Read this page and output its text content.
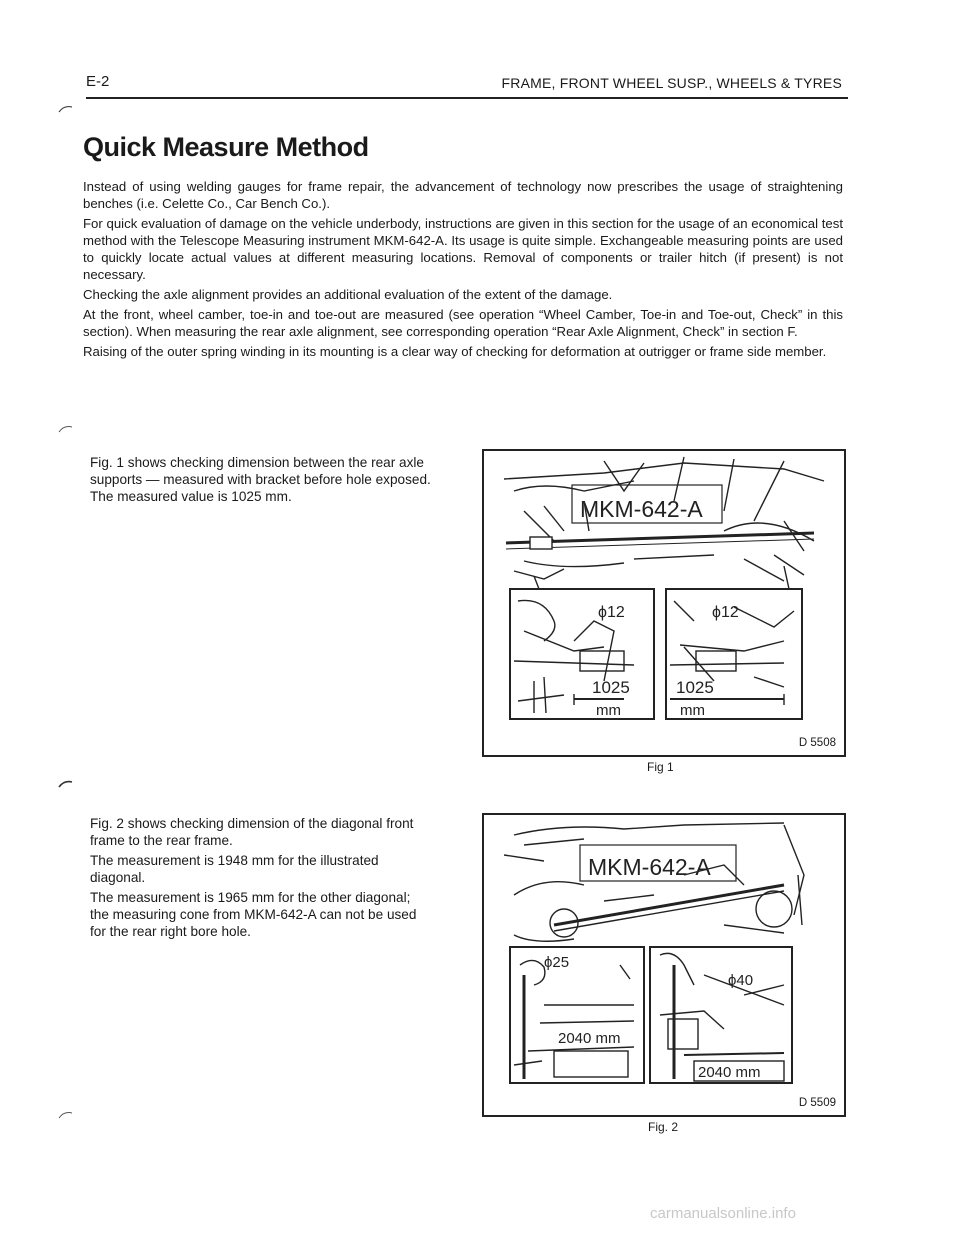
E-2	FRAME, FRONT WHEEL SUSP., WHEELS & TYRES
Quick Measure Method

Instead of using welding gauges for frame repair, the advancement of technology now prescribes the usage of straightening benches (i.e. Celette Co., Car Bench Co.).

For quick evaluation of damage on the vehicle underbody, instructions are given in this section for the usage of an economical test method with the Telescope Measuring instrument MKM-642-A. Its usage is quite simple. Exchangeable measuring points are used to quickly locate actual values at different measuring locations. Removal of components or trailer hitch (if present) is not necessary.

Checking the axle alignment provides an additional evaluation of the extent of the damage.

At the front, wheel camber, toe-in and toe-out are measured (see operation “Wheel Camber, Toe-in and Toe-out, Check” in this section). When measuring the rear axle alignment, see corresponding operation “Rear Axle Alignment, Check” in section F.

Raising of the outer spring winding in its mounting is a clear way of checking for deformation at outrigger or frame side member.

Fig. 1 shows checking dimension between the rear axle supports — measured with bracket before hole exposed. The measured value is 1025 mm.	MKM-642-A
ϕ12
1025
mm
ϕ12
1025
mm
D 5508
Fig 1

Fig. 2 shows checking dimension of the diagonal front frame to the rear frame.

The measurement is 1948 mm for the illustrated diagonal.

The measurement is 1965 mm for the other diagonal; the measuring cone from MKM-642-A can not be used for the rear right bore hole.

MKM-642-A
ϕ25
2040 mm
ϕ40
2040 mm
D 5509
Fig. 2
carmanualsonline.info
